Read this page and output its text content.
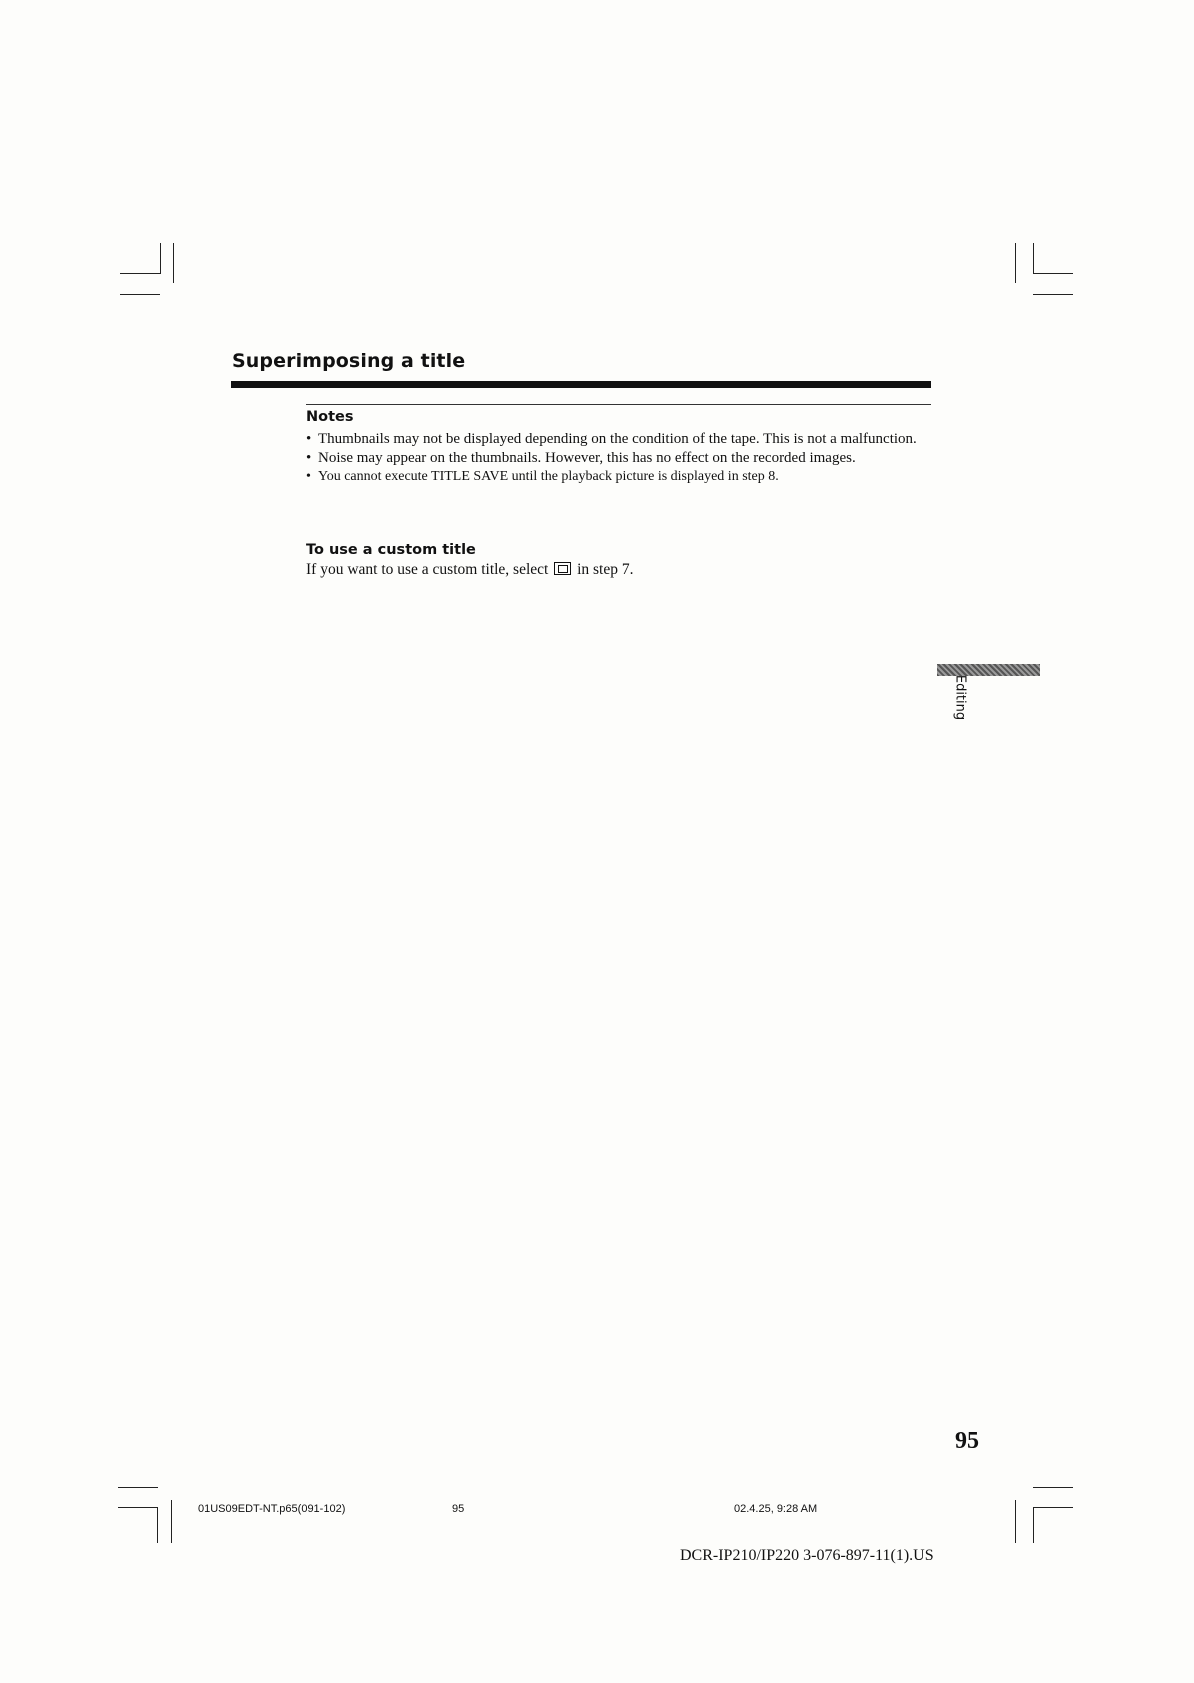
Superimposing a title
Notes
• Thumbnails may not be displayed depending on the condition of the tape. This is not a malfunction.
• Noise may appear on the thumbnails. However, this has no effect on the recorded images.
• You cannot execute TITLE SAVE until the playback picture is displayed in step 8.
To use a custom title
If you want to use a custom title, select in step 7.
Editing
95
01US09EDT-NT.p65(091-102)	95	02.4.25, 9:28 AM
DCR-IP210/IP220 3-076-897-11(1).US
